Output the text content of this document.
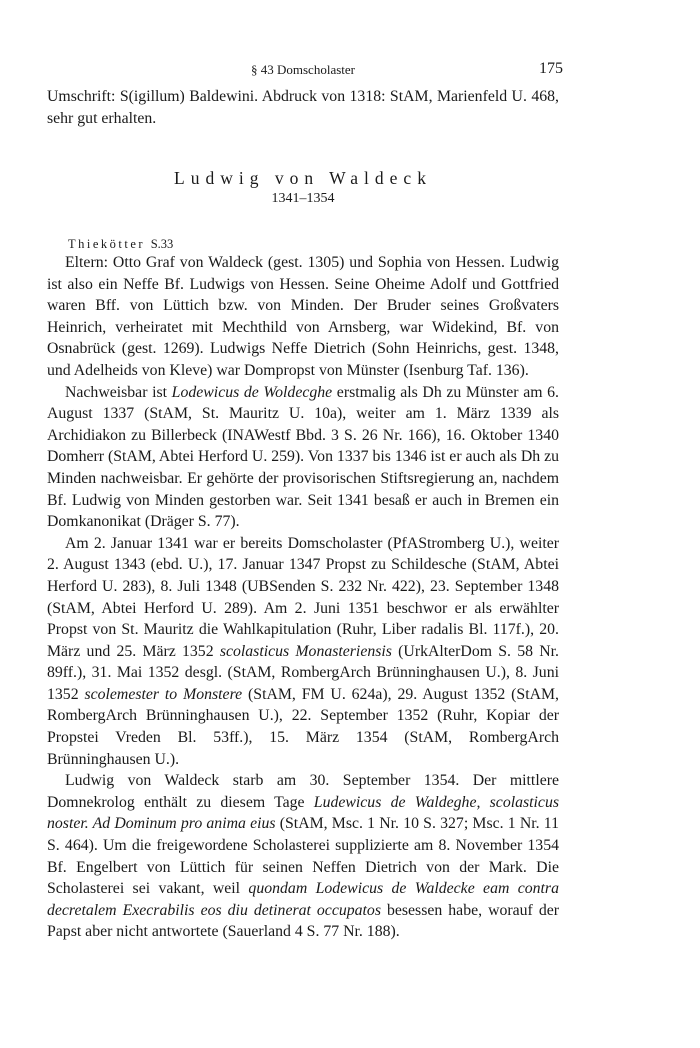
§ 43 Domscholaster	175

Umschrift: S(igillum) Baldewini. Abdruck von 1318: StAM, Marienfeld U. 468, sehr gut erhalten.

Ludwig von Waldeck
1341–1354
Thiekötter S.33

Eltern: Otto Graf von Waldeck (gest. 1305) und Sophia von Hessen. Ludwig ist also ein Neffe Bf. Ludwigs von Hessen. Seine Oheime Adolf und Gottfried waren Bff. von Lüttich bzw. von Minden. Der Bruder seines Großvaters Heinrich, verheiratet mit Mechthild von Arnsberg, war Widekind, Bf. von Osnabrück (gest. 1269). Ludwigs Neffe Dietrich (Sohn Heinrichs, gest. 1348, und Adelheids von Kleve) war Dompropst von Münster (Isenburg Taf. 136).

Nachweisbar ist Lodewicus de Woldecghe erstmalig als Dh zu Münster am 6. August 1337 (StAM, St. Mauritz U. 10a), weiter am 1. März 1339 als Archidiakon zu Billerbeck (INAWestf Bbd. 3 S. 26 Nr. 166), 16. Oktober 1340 Domherr (StAM, Abtei Herford U. 259). Von 1337 bis 1346 ist er auch als Dh zu Minden nachweisbar. Er gehörte der provisorischen Stiftsregierung an, nachdem Bf. Ludwig von Minden gestorben war. Seit 1341 besaß er auch in Bremen ein Domkanonikat (Dräger S. 77).

Am 2. Januar 1341 war er bereits Domscholaster (PfAStromberg U.), weiter 2. August 1343 (ebd. U.), 17. Januar 1347 Propst zu Schildesche (StAM, Abtei Herford U. 283), 8. Juli 1348 (UBSenden S. 232 Nr. 422), 23. September 1348 (StAM, Abtei Herford U. 289). Am 2. Juni 1351 beschwor er als erwählter Propst von St. Mauritz die Wahlkapitulation (Ruhr, Liber radalis Bl. 117f.), 20. März und 25. März 1352 scolasticus Monasteriensis (UrkAlterDom S. 58 Nr. 89ff.), 31. Mai 1352 desgl. (StAM, RombergArch Brünninghausen U.), 8. Juni 1352 scolemester to Monstere (StAM, FM U. 624a), 29. August 1352 (StAM, RombergArch Brünninghausen U.), 22. September 1352 (Ruhr, Kopiar der Propstei Vreden Bl. 53ff.), 15. März 1354 (StAM, RombergArch Brünninghausen U.).

Ludwig von Waldeck starb am 30. September 1354. Der mittlere Domnekrolog enthält zu diesem Tage Ludewicus de Waldeghe, scolasticus noster. Ad Dominum pro anima eius (StAM, Msc. 1 Nr. 10 S. 327; Msc. 1 Nr. 11 S. 464). Um die freigewordene Scholasterei supplizierte am 8. November 1354 Bf. Engelbert von Lüttich für seinen Neffen Dietrich von der Mark. Die Scholasterei sei vakant, weil quondam Lodewicus de Waldecke eam contra decretalem Execrabilis eos diu detinerat occupatos besessen habe, worauf der Papst aber nicht antwortete (Sauerland 4 S. 77 Nr. 188).
